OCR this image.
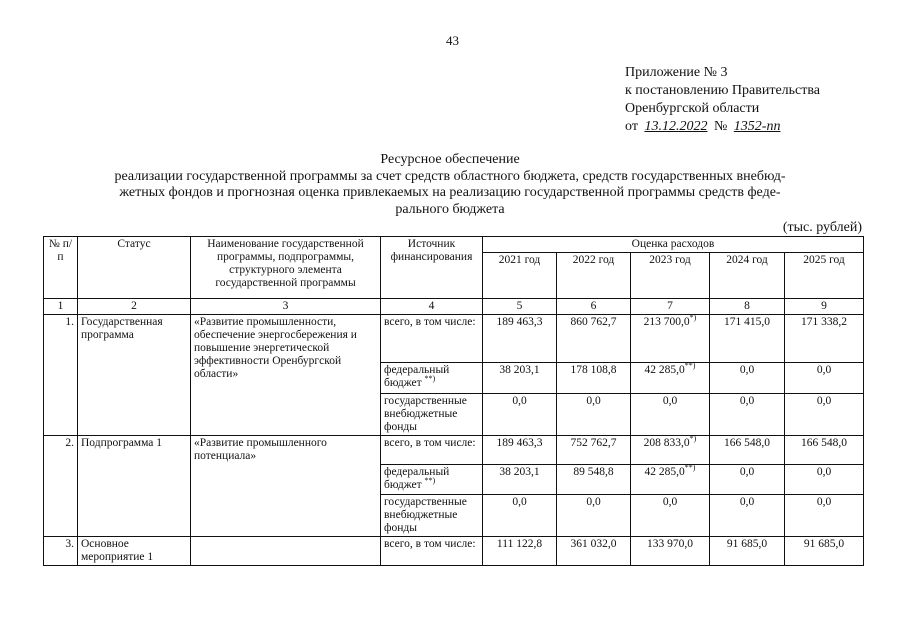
43
Приложение № 3
к постановлению Правительства
Оренбургской области
от 13.12.2022 № 1352-пп
Ресурсное обеспечение
реализации государственной программы за счет средств областного бюджета, средств государственных внебюд-
жетных фондов и прогнозная оценка привлекаемых на реализацию государственной программы средств феде-
рального бюджета
(тыс. рублей)
№ п/п	Статус	Наименование государственной программы, подпрограммы, структурного элемента государственной программы	Источник финансирования	Оценка расходов				
				2021 год	2022 год	2023 год	2024 год	2025 год
1	2	3	4	5	6	7	8	9
1.	Государственная программа	«Развитие промышленности, обеспечение энергосбережения и повышение энергетической эффективности Оренбургской области»	всего, в том числе:	189 463,3	860 762,7	213 700,0*)	171 415,0	171 338,2
			федеральный бюджет **)	38 203,1	178 108,8	42 285,0**)	0,0	0,0
			государственные внебюджетные фонды	0,0	0,0	0,0	0,0	0,0
2.	Подпрограмма 1	«Развитие промышленного потенциала»	всего, в том числе:	189 463,3	752 762,7	208 833,0*)	166 548,0	166 548,0
			федеральный бюджет **)	38 203,1	89 548,8	42 285,0**)	0,0	0,0
			государственные внебюджетные фонды	0,0	0,0	0,0	0,0	0,0
3.	Основное мероприятие 1		всего, в том числе:	111 122,8	361 032,0	133 970,0	91 685,0	91 685,0
